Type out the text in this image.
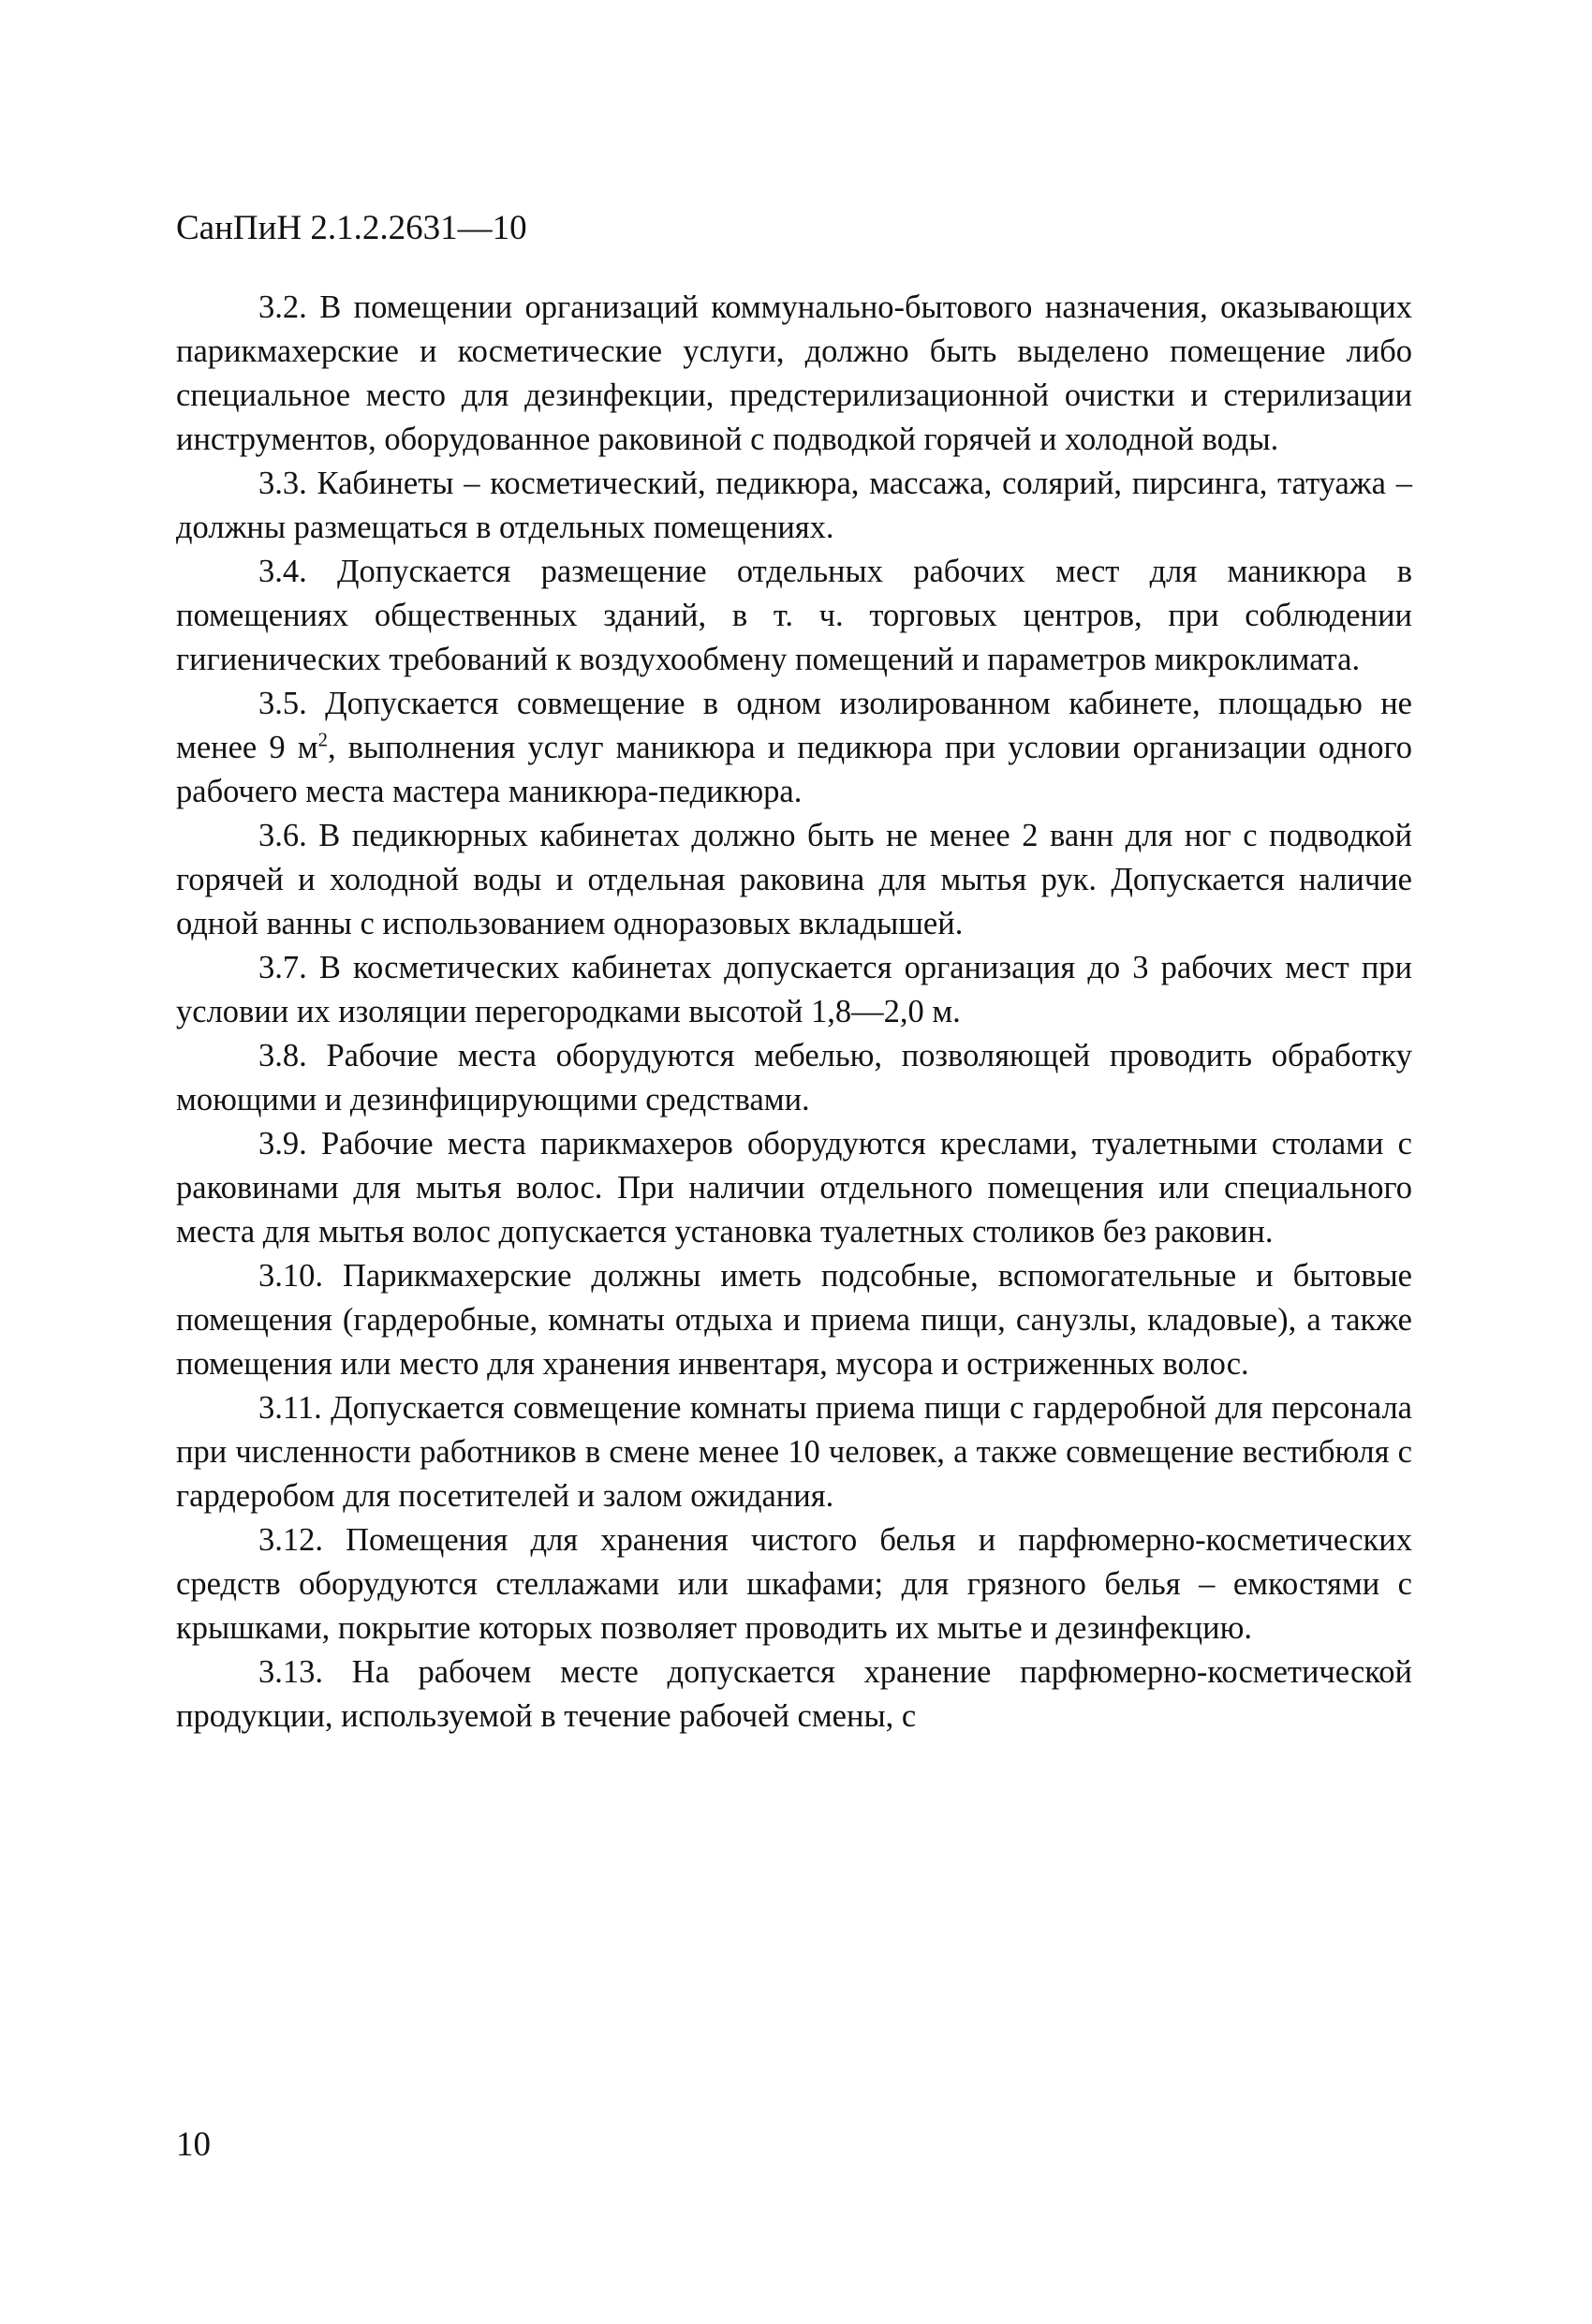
СанПиН 2.1.2.2631—10

3.2. В помещении организаций коммунально-бытового назначения, оказывающих парикмахерские и косметические услуги, должно быть выделено помещение либо специальное место для дезинфекции, предстерилизационной очистки и стерилизации инструментов, оборудованное раковиной с подводкой горячей и холодной воды.

3.3. Кабинеты – косметический, педикюра, массажа, солярий, пирсинга, татуажа – должны размещаться в отдельных помещениях.

3.4. Допускается размещение отдельных рабочих мест для маникюра в помещениях общественных зданий, в т. ч. торговых центров, при соблюдении гигиенических требований к воздухообмену помещений и параметров микроклимата.

3.5. Допускается совмещение в одном изолированном кабинете, площадью не менее 9 $м^2$, выполнения услуг маникюра и педикюра при условии организации одного рабочего места мастера маникюра-педикюра.

3.6. В педикюрных кабинетах должно быть не менее 2 ванн для ног с подводкой горячей и холодной воды и отдельная раковина для мытья рук. Допускается наличие одной ванны с использованием одноразовых вкладышей.

3.7. В косметических кабинетах допускается организация до 3 рабочих мест при условии их изоляции перегородками высотой 1,8—2,0 м.

3.8. Рабочие места оборудуются мебелью, позволяющей проводить обработку моющими и дезинфицирующими средствами.

3.9. Рабочие места парикмахеров оборудуются креслами, туалетными столами с раковинами для мытья волос. При наличии отдельного помещения или специального места для мытья волос допускается установка туалетных столиков без раковин.

3.10. Парикмахерские должны иметь подсобные, вспомогательные и бытовые помещения (гардеробные, комнаты отдыха и приема пищи, санузлы, кладовые), а также помещения или место для хранения инвентаря, мусора и остриженных волос.

3.11. Допускается совмещение комнаты приема пищи с гардеробной для персонала при численности работников в смене менее 10 человек, а также совмещение вестибюля с гардеробом для посетителей и залом ожидания.

3.12. Помещения для хранения чистого белья и парфюмерно-косметических средств оборудуются стеллажами или шкафами; для грязного белья – емкостями с крышками, покрытие которых позволяет проводить их мытье и дезинфекцию.

3.13. На рабочем месте допускается хранение парфюмерно-косметической продукции, используемой в течение рабочей смены, с

10
